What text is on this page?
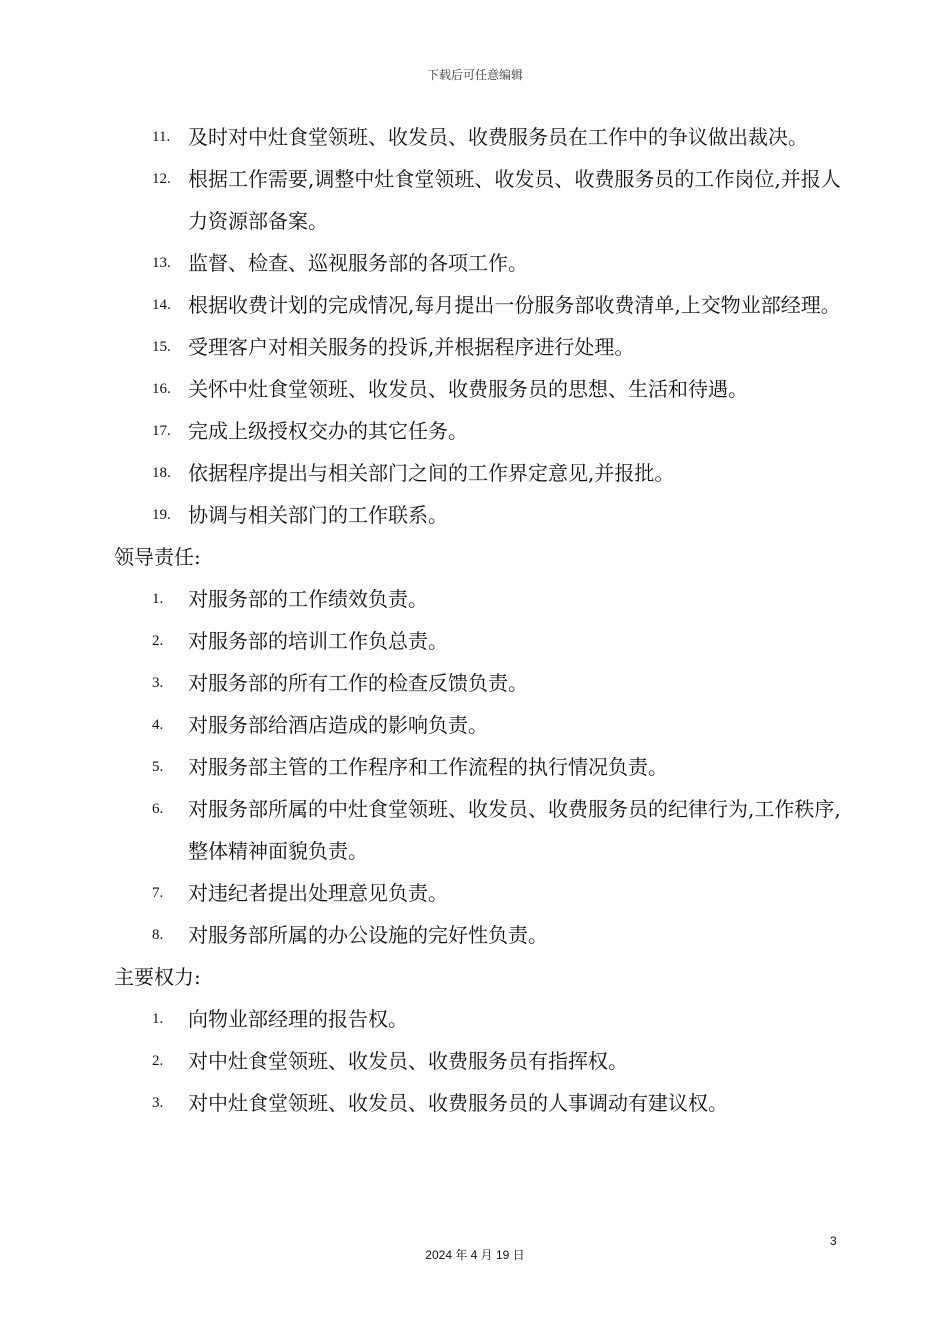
下载后可任意编辑
11. 及时对中灶食堂领班、收发员、收费服务员在工作中的争议做出裁决。
12. 根据工作需要,调整中灶食堂领班、收发员、收费服务员的工作岗位,并报人力资源部备案。
13. 监督、检查、巡视服务部的各项工作。
14. 根据收费计划的完成情况,每月提出一份服务部收费清单,上交物业部经理。
15. 受理客户对相关服务的投诉,并根据程序进行处理。
16. 关怀中灶食堂领班、收发员、收费服务员的思想、生活和待遇。
17. 完成上级授权交办的其它任务。
18. 依据程序提出与相关部门之间的工作界定意见,并报批。
19. 协调与相关部门的工作联系。
领导责任:
1.	对服务部的工作绩效负责。
2.	对服务部的培训工作负总责。
3.	对服务部的所有工作的检查反馈负责。
4.	对服务部给酒店造成的影响负责。
5.	对服务部主管的工作程序和工作流程的执行情况负责。
6.	对服务部所属的中灶食堂领班、收发员、收费服务员的纪律行为,工作秩序,整体精神面貌负责。
7.	对违纪者提出处理意见负责。
8.	对服务部所属的办公设施的完好性负责。
主要权力:
1.	向物业部经理的报告权。
2.	对中灶食堂领班、收发员、收费服务员有指挥权。
3.	对中灶食堂领班、收发员、收费服务员的人事调动有建议权。
3
2024 年 4 月 19 日
